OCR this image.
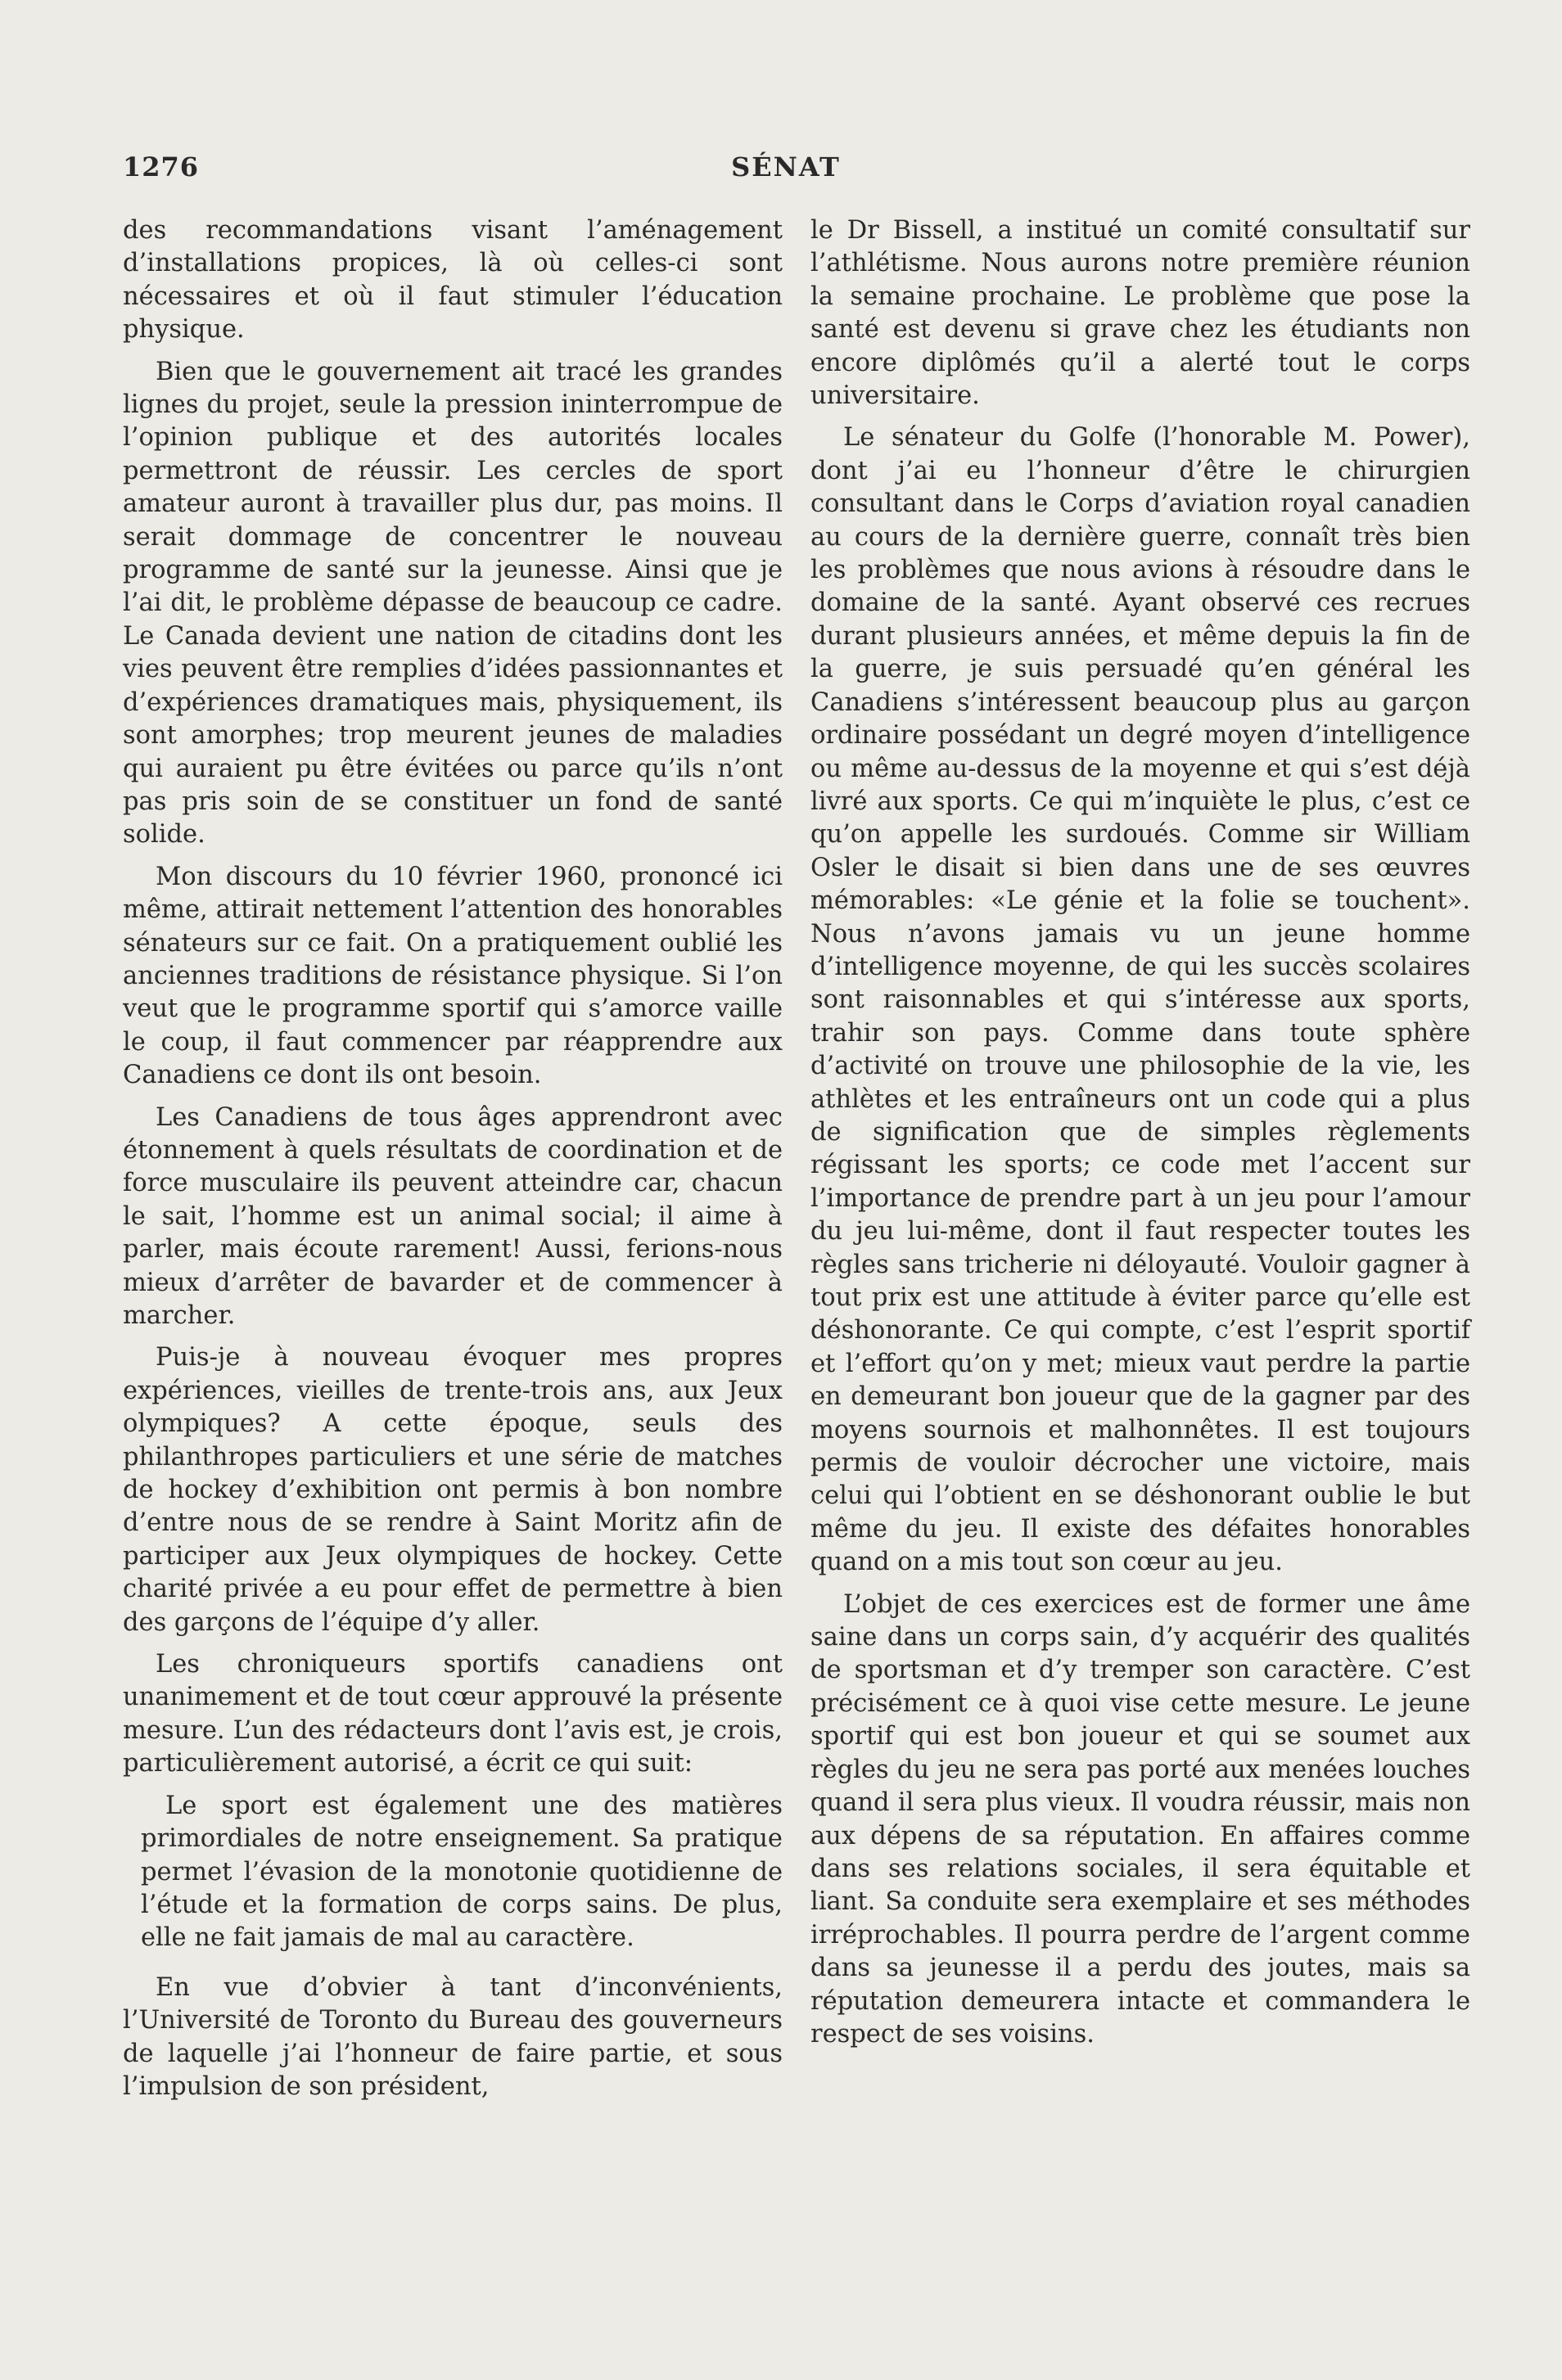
1276	SÉNAT

des recommandations visant l’aménagement d’installations propices, là où celles-ci sont nécessaires et où il faut stimuler l’éducation physique.

Bien que le gouvernement ait tracé les grandes lignes du projet, seule la pression ininterrompue de l’opinion publique et des autorités locales permettront de réussir. Les cercles de sport amateur auront à travailler plus dur, pas moins. Il serait dommage de concentrer le nouveau programme de santé sur la jeunesse. Ainsi que je l’ai dit, le problème dépasse de beaucoup ce cadre. Le Canada devient une nation de citadins dont les vies peuvent être remplies d’idées passionnantes et d’expériences dramatiques mais, physiquement, ils sont amorphes; trop meurent jeunes de maladies qui auraient pu être évitées ou parce qu’ils n’ont pas pris soin de se constituer un fond de santé solide.

Mon discours du 10 février 1960, prononcé ici même, attirait nettement l’attention des honorables sénateurs sur ce fait. On a pratiquement oublié les anciennes traditions de résistance physique. Si l’on veut que le programme sportif qui s’amorce vaille le coup, il faut commencer par réapprendre aux Canadiens ce dont ils ont besoin.

Les Canadiens de tous âges apprendront avec étonnement à quels résultats de coordination et de force musculaire ils peuvent atteindre car, chacun le sait, l’homme est un animal social; il aime à parler, mais écoute rarement! Aussi, ferions-nous mieux d’arrêter de bavarder et de commencer à marcher.

Puis-je à nouveau évoquer mes propres expériences, vieilles de trente-trois ans, aux Jeux olympiques? A cette époque, seuls des philanthropes particuliers et une série de matches de hockey d’exhibition ont permis à bon nombre d’entre nous de se rendre à Saint Moritz afin de participer aux Jeux olympiques de hockey. Cette charité privée a eu pour effet de permettre à bien des garçons de l’équipe d’y aller.

Les chroniqueurs sportifs canadiens ont unanimement et de tout cœur approuvé la présente mesure. L’un des rédacteurs dont l’avis est, je crois, particulièrement autorisé, a écrit ce qui suit:

Le sport est également une des matières primordiales de notre enseignement. Sa pratique permet l’évasion de la monotonie quotidienne de l’étude et la formation de corps sains. De plus, elle ne fait jamais de mal au caractère.

En vue d’obvier à tant d’inconvénients, l’Université de Toronto du Bureau des gouverneurs de laquelle j’ai l’honneur de faire partie, et sous l’impulsion de son président,

le Dr Bissell, a institué un comité consultatif sur l’athlétisme. Nous aurons notre première réunion la semaine prochaine. Le problème que pose la santé est devenu si grave chez les étudiants non encore diplômés qu’il a alerté tout le corps universitaire.

Le sénateur du Golfe (l’honorable M. Power), dont j’ai eu l’honneur d’être le chirurgien consultant dans le Corps d’aviation royal canadien au cours de la dernière guerre, connaît très bien les problèmes que nous avions à résoudre dans le domaine de la santé. Ayant observé ces recrues durant plusieurs années, et même depuis la fin de la guerre, je suis persuadé qu’en général les Canadiens s’intéressent beaucoup plus au garçon ordinaire possédant un degré moyen d’intelligence ou même au-dessus de la moyenne et qui s’est déjà livré aux sports. Ce qui m’inquiète le plus, c’est ce qu’on appelle les surdoués. Comme sir William Osler le disait si bien dans une de ses œuvres mémorables: «Le génie et la folie se touchent». Nous n’avons jamais vu un jeune homme d’intelligence moyenne, de qui les succès scolaires sont raisonnables et qui s’intéresse aux sports, trahir son pays. Comme dans toute sphère d’activité on trouve une philosophie de la vie, les athlètes et les entraîneurs ont un code qui a plus de signification que de simples règlements régissant les sports; ce code met l’accent sur l’importance de prendre part à un jeu pour l’amour du jeu lui-même, dont il faut respecter toutes les règles sans tricherie ni déloyauté. Vouloir gagner à tout prix est une attitude à éviter parce qu’elle est déshonorante. Ce qui compte, c’est l’esprit sportif et l’effort qu’on y met; mieux vaut perdre la partie en demeurant bon joueur que de la gagner par des moyens sournois et malhonnêtes. Il est toujours permis de vouloir décrocher une victoire, mais celui qui l’obtient en se déshonorant oublie le but même du jeu. Il existe des défaites honorables quand on a mis tout son cœur au jeu.

L’objet de ces exercices est de former une âme saine dans un corps sain, d’y acquérir des qualités de sportsman et d’y tremper son caractère. C’est précisément ce à quoi vise cette mesure. Le jeune sportif qui est bon joueur et qui se soumet aux règles du jeu ne sera pas porté aux menées louches quand il sera plus vieux. Il voudra réussir, mais non aux dépens de sa réputation. En affaires comme dans ses relations sociales, il sera équitable et liant. Sa conduite sera exemplaire et ses méthodes irréprochables. Il pourra perdre de l’argent comme dans sa jeunesse il a perdu des joutes, mais sa réputation demeurera intacte et commandera le respect de ses voisins.
